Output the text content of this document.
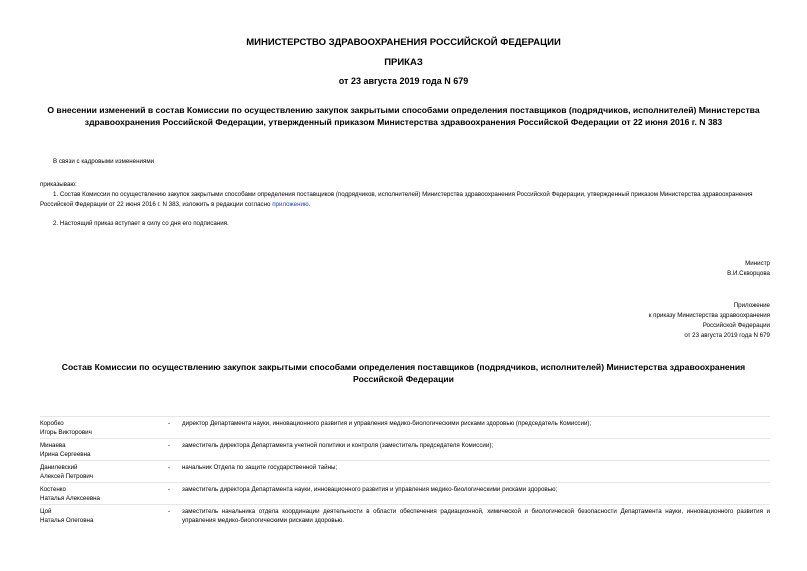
МИНИСТЕРСТВО ЗДРАВООХРАНЕНИЯ РОССИЙСКОЙ ФЕДЕРАЦИИ
ПРИКАЗ
от 23 августа 2019 года N 679
О внесении изменений в состав Комиссии по осуществлению закупок закрытыми способами определения поставщиков (подрядчиков, исполнителей) Министерства здравоохранения Российской Федерации, утвержденный приказом Министерства здравоохранения Российской Федерации от 22 июня 2016 г. N 383
В связи с кадровыми изменениями
приказываю:
1. Состав Комиссии по осуществлению закупок закрытыми способами определения поставщиков (подрядчиков, исполнителей) Министерства здравоохранения Российской Федерации, утвержденный приказом Министерства здравоохранения Российской Федерации от 22 июня 2016 г. N 383, изложить в редакции согласно приложению.
2. Настоящий приказ вступает в силу со дня его подписания.
Министр
В.И.Скворцова
Приложение
к приказу Министерства здравоохранения
Российской Федерации
от 23 августа 2019 года N 679
Состав Комиссии по осуществлению закупок закрытыми способами определения поставщиков (подрядчиков, исполнителей) Министерства здравоохранения Российской Федерации
Коробко
Игорь Викторович
-	директор Департамента науки, инновационного развития и управления медико-биологическими рисками здоровью (председатель Комиссии);
Минаева
Ирина Сергеевна
-	заместитель директора Департамента учетной политики и контроля (заместитель председателя Комиссии);
Данилевский
Алексей Петрович
-	начальник Отдела по защите государственной тайны;
Костенко
Наталья Алексеевна
-	заместитель директора Департамента науки, инновационного развития и управления медико-биологическими рисками здоровью;
Цой
Наталья Олеговна
-	заместитель начальника отдела координации деятельности в области обеспечения радиационной, химической и биологической безопасности Департамента науки, инновационного развития и управления медико-биологическими рисками здоровью.
